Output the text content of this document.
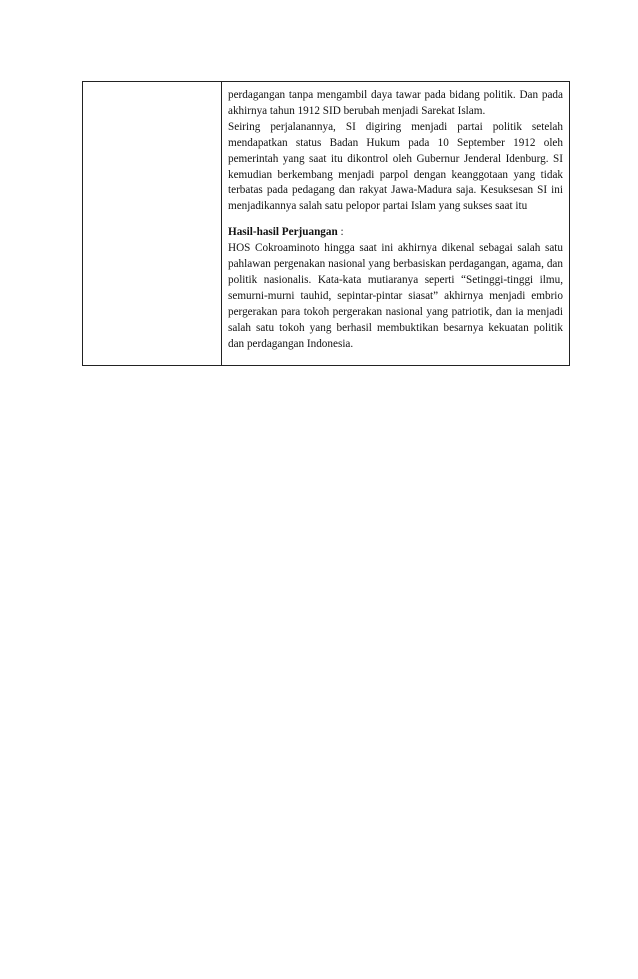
perdagangan tanpa mengambil daya tawar pada bidang politik. Dan pada akhirnya tahun 1912 SID berubah menjadi Sarekat Islam.

Seiring perjalanannya, SI digiring menjadi partai politik setelah mendapatkan status Badan Hukum pada 10 September 1912 oleh pemerintah yang saat itu dikontrol oleh Gubernur Jenderal Idenburg. SI kemudian berkembang menjadi parpol dengan keanggotaan yang tidak terbatas pada pedagang dan rakyat Jawa-Madura saja. Kesuksesan SI ini menjadikannya salah satu pelopor partai Islam yang sukses saat itu

Hasil-hasil Perjuangan :

HOS Cokroaminoto hingga saat ini akhirnya dikenal sebagai salah satu pahlawan pergenakan nasional yang berbasiskan perdagangan, agama, dan politik nasionalis. Kata-kata mutiaranya seperti “Setinggi-tinggi ilmu, semurni-murni tauhid, sepintar-pintar siasat” akhirnya menjadi embrio pergerakan para tokoh pergerakan nasional yang patriotik, dan ia menjadi salah satu tokoh yang berhasil membuktikan besarnya kekuatan politik dan perdagangan Indonesia.
